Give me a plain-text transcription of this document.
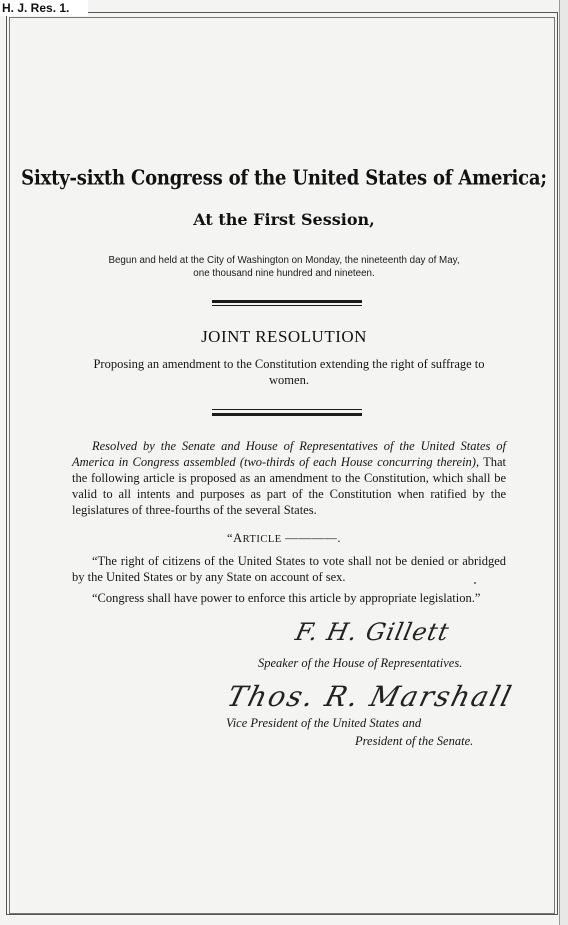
H. J. Res. 1.
Sixty-sixth Congress of the United States of America;
At the First Session,
Begun and held at the City of Washington on Monday, the nineteenth day of May,
one thousand nine hundred and nineteen.
JOINT RESOLUTION
Proposing an amendment to the Constitution extending the right of suffrage to women.
Resolved by the Senate and House of Representatives of the United States of America in Congress assembled (two-thirds of each House concurring therein), That the following article is proposed as an amendment to the Constitution, which shall be valid to all intents and purposes as part of the Constitution when ratified by the legislatures of three-fourths of the several States.
“ARTICLE ————.
“The right of citizens of the United States to vote shall not be denied or abridged by the United States or by any State on account of sex.
“Congress shall have power to enforce this article by appropriate legislation.”
F. H. Gillett
Speaker of the House of Representatives.
Thos. R. Marshall
Vice President of the United States and
President of the Senate.
